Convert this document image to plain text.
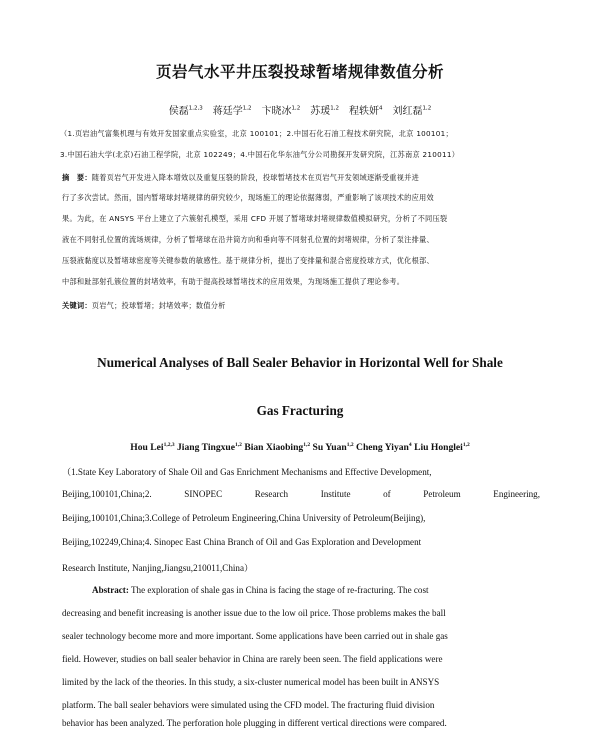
页岩气水平井压裂投球暂堵规律数值分析
侯磊$^{1,2,3}$  蒋廷学$^{1,2}$  卞晓冰$^{1,2}$  苏瑗$^{1,2}$  程轶妍$^4$  刘红磊$^{1,2}$
（1.页岩油气富集机理与有效开发国家重点实验室，北京 100101；2.中国石化石油工程技术研究院，北京 100101；
3.中国石油大学(北京)石油工程学院，北京 102249；4.中国石化华东油气分公司勘探开发研究院，江苏南京 210011）
摘　要：随着页岩气开发进入降本增效以及重复压裂的阶段，投球暂堵技术在页岩气开发领域逐渐受重视并进
行了多次尝试。然而，国内暂堵球封堵规律的研究较少，现场施工的理论依据薄弱，严重影响了该项技术的应用效
果。为此，在 ANSYS 平台上建立了六簇射孔模型，采用 CFD 开展了暂堵球封堵规律数值模拟研究，分析了不同压裂
液在不同射孔位置的流场规律，分析了暂堵球在沿井筒方向和垂向等不同射孔位置的封堵规律，分析了泵注排量、
压裂液黏度以及暂堵球密度等关键参数的敏感性。基于规律分析，提出了变排量和混合密度投球方式，优化根部、
中部和趾部射孔簇位置的封堵效率，有助于提高投球暂堵技术的应用效果，为现场施工提供了理论参考。
关键词：页岩气；投球暂堵；封堵效率；数值分析
Numerical Analyses of Ball Sealer Behavior in Horizontal Well for Shale
Gas Fracturing
Hou Lei$^{1,2,3}$ Jiang Tingxue$^{1,2}$ Bian Xiaobing$^{1,2}$ Su Yuan$^{1,2}$ Cheng Yiyan$^4$ Liu Honglei$^{1,2}$
（1.State Key Laboratory of Shale Oil and Gas Enrichment Mechanisms and Effective Development,
Beijing,100101,China;2. SINOPEC Research Institute of Petroleum Engineering,
Beijing,100101,China;3.College of Petroleum Engineering,China University of Petroleum(Beijing),
Beijing,102249,China;4. Sinopec East China Branch of Oil and Gas Exploration and Development
Research Institute, Nanjing,Jiangsu,210011,China）
Abstract: The exploration of shale gas in China is facing the stage of re-fracturing. The cost
decreasing and benefit increasing is another issue due to the low oil price. Those problems makes the ball
sealer technology become more and more important. Some applications have been carried out in shale gas
field. However, studies on ball sealer behavior in China are rarely been seen. The field applications were
limited by the lack of the theories. In this study, a six-cluster numerical model has been built in ANSYS
platform. The ball sealer behaviors were simulated using the CFD model. The fracturing fluid division
behavior has been analyzed. The perforation hole plugging in different vertical directions were compared.
